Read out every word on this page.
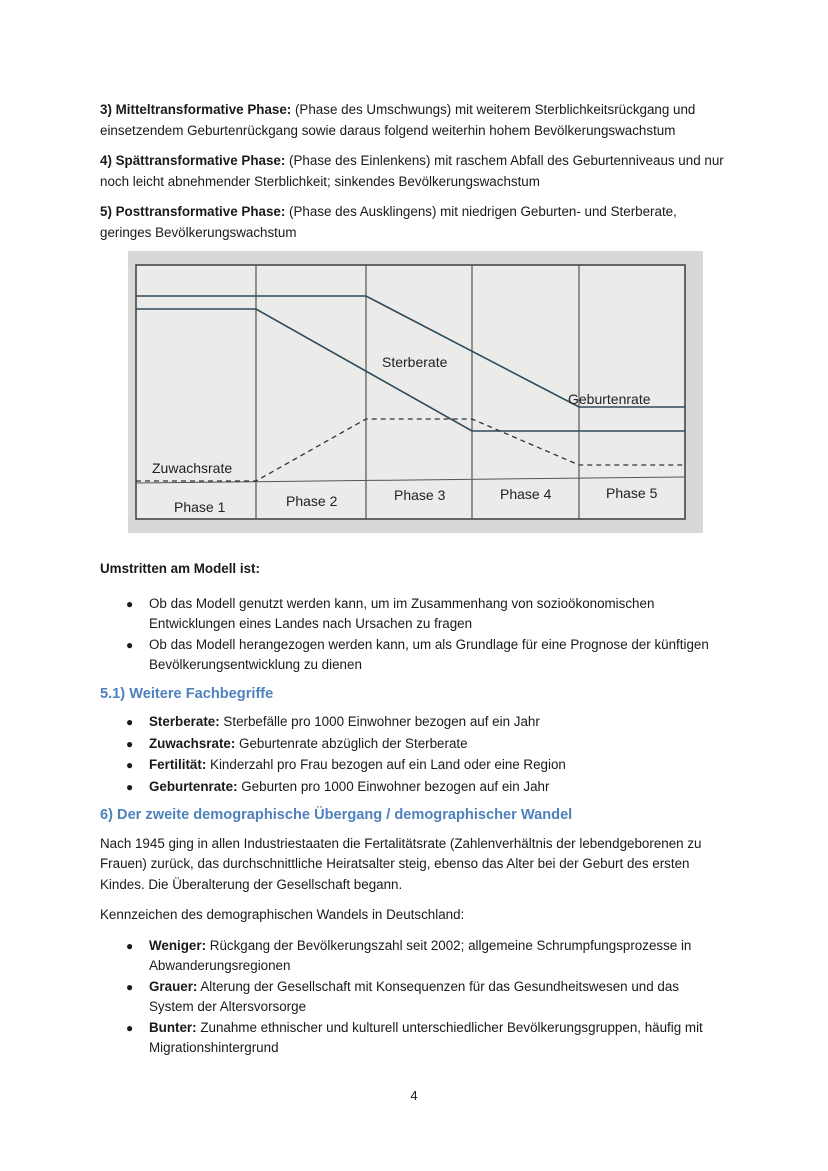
3) Mitteltransformative Phase: (Phase des Umschwungs) mit weiterem Sterblichkeitsrückgang und einsetzendem Geburtenrückgang sowie daraus folgend weiterhin hohem Bevölkerungswachstum

4) Spättransformative Phase: (Phase des Einlenkens) mit raschem Abfall des Geburtenniveaus und nur noch leicht abnehmender Sterblichkeit; sinkendes Bevölkerungswachstum

5) Posttransformative Phase: (Phase des Ausklingens) mit niedrigen Geburten- und Sterberate, geringes Bevölkerungswachstum

Sterberate
Geburtenrate
Zuwachsrate
Phase 1	Phase 2	Phase 3	Phase 4	Phase 5

Umstritten am Modell ist:

● Ob das Modell genutzt werden kann, um im Zusammenhang von sozioökonomischen Entwicklungen eines Landes nach Ursachen zu fragen
● Ob das Modell herangezogen werden kann, um als Grundlage für eine Prognose der künftigen Bevölkerungsentwicklung zu dienen
5.1) Weitere Fachbegriffe
● Sterberate: Sterbefälle pro 1000 Einwohner bezogen auf ein Jahr
● Zuwachsrate: Geburtenrate abzüglich der Sterberate
● Fertilität: Kinderzahl pro Frau bezogen auf ein Land oder eine Region
● Geburtenrate: Geburten pro 1000 Einwohner bezogen auf ein Jahr
6) Der zweite demographische Übergang / demographischer Wandel

Nach 1945 ging in allen Industriestaaten die Fertalitätsrate (Zahlenverhältnis der lebendgeborenen zu Frauen) zurück, das durchschnittliche Heiratsalter steig, ebenso das Alter bei der Geburt des ersten Kindes. Die Überalterung der Gesellschaft begann.

Kennzeichen des demographischen Wandels in Deutschland:

● Weniger: Rückgang der Bevölkerungszahl seit 2002; allgemeine Schrumpfungsprozesse in Abwanderungsregionen
● Grauer: Alterung der Gesellschaft mit Konsequenzen für das Gesundheitswesen und das System der Altersvorsorge
● Bunter: Zunahme ethnischer und kulturell unterschiedlicher Bevölkerungsgruppen, häufig mit Migrationshintergrund
4
